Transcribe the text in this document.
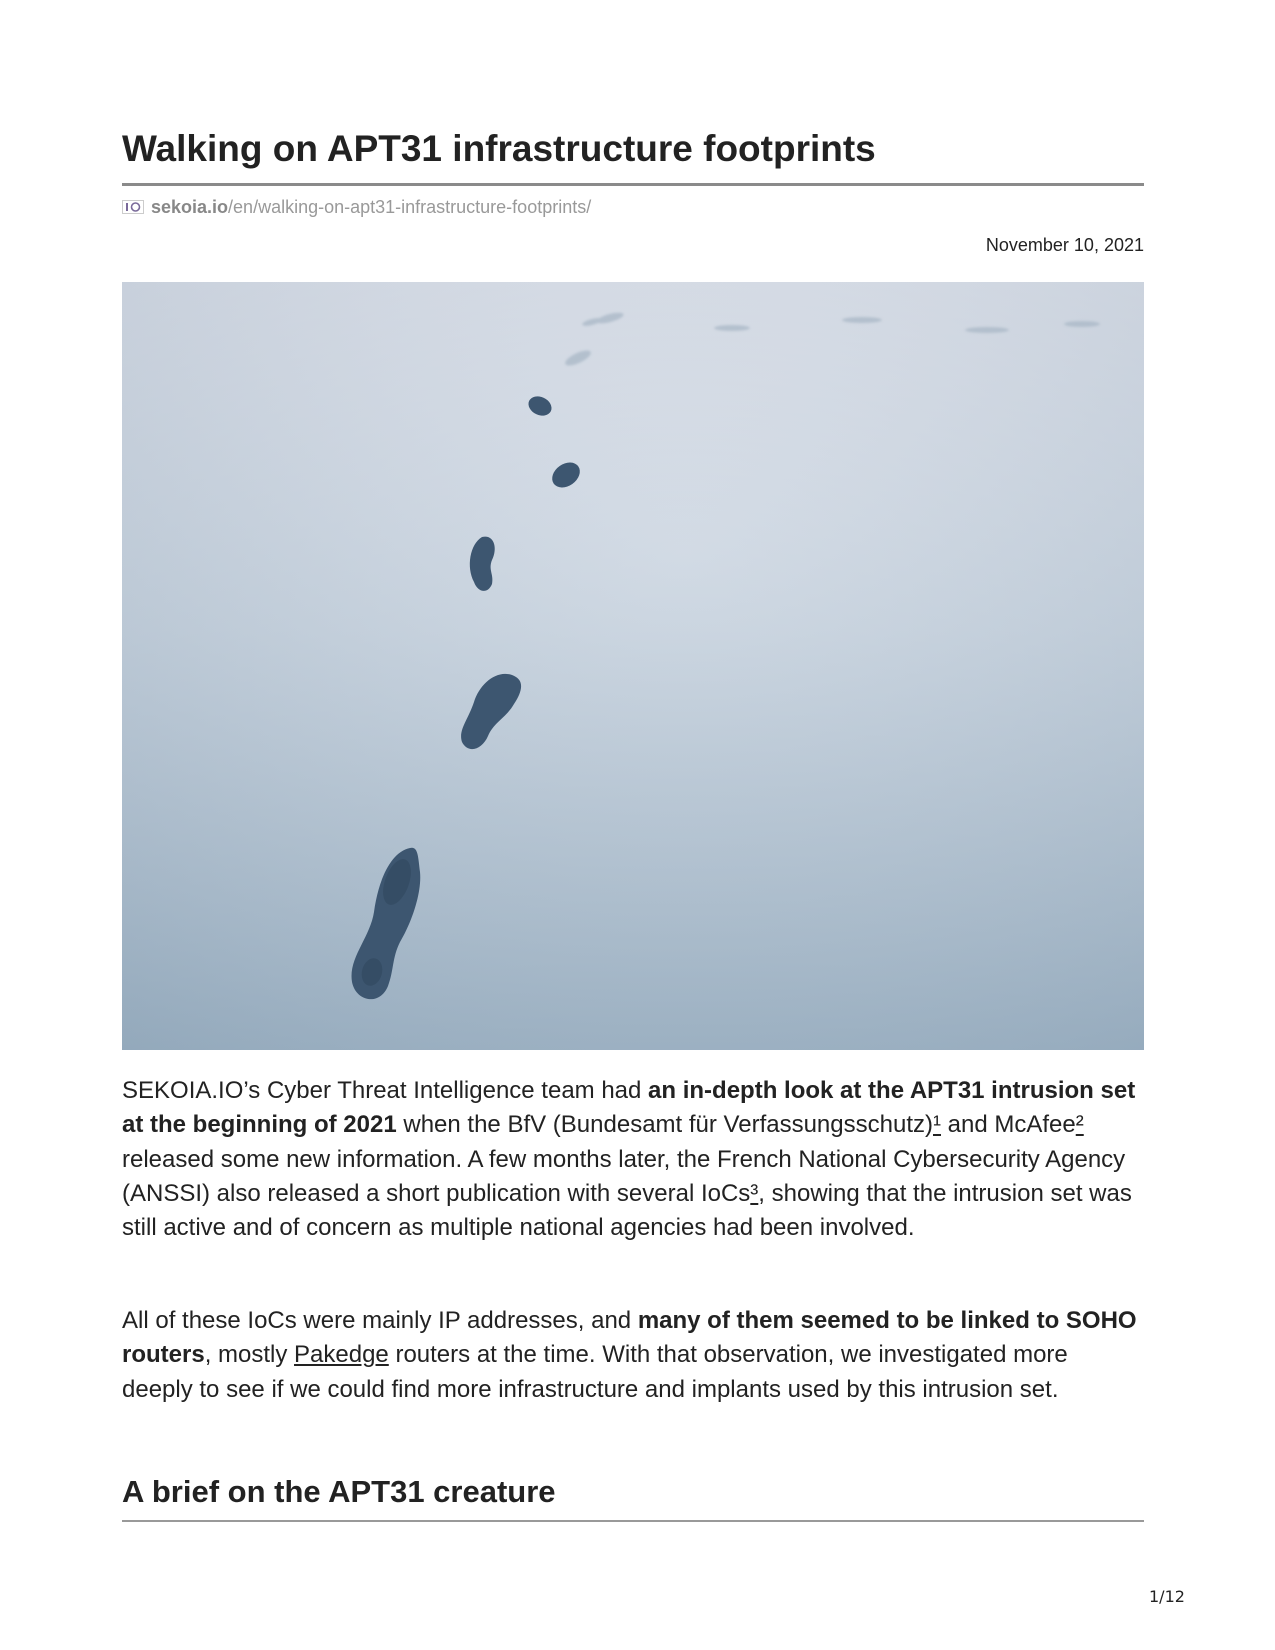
Walking on APT31 infrastructure footprints
sekoia.io /en/walking-on-apt31-infrastructure-footprints/
November 10, 2021

SEKOIA.IO’s Cyber Threat Intelligence team had an in-depth look at the APT31 intrusion set at the beginning of 2021 when the BfV (Bundesamt für Verfassungsschutz)¹ and McAfee² released some new information. A few months later, the French National Cybersecurity Agency (ANSSI) also released a short publication with several IoCs³, showing that the intrusion set was still active and of concern as multiple national agencies had been involved.

All of these IoCs were mainly IP addresses, and many of them seemed to be linked to SOHO routers, mostly Pakedge routers at the time. With that observation, we investigated more deeply to see if we could find more infrastructure and implants used by this intrusion set.

A brief on the APT31 creature
1/12
